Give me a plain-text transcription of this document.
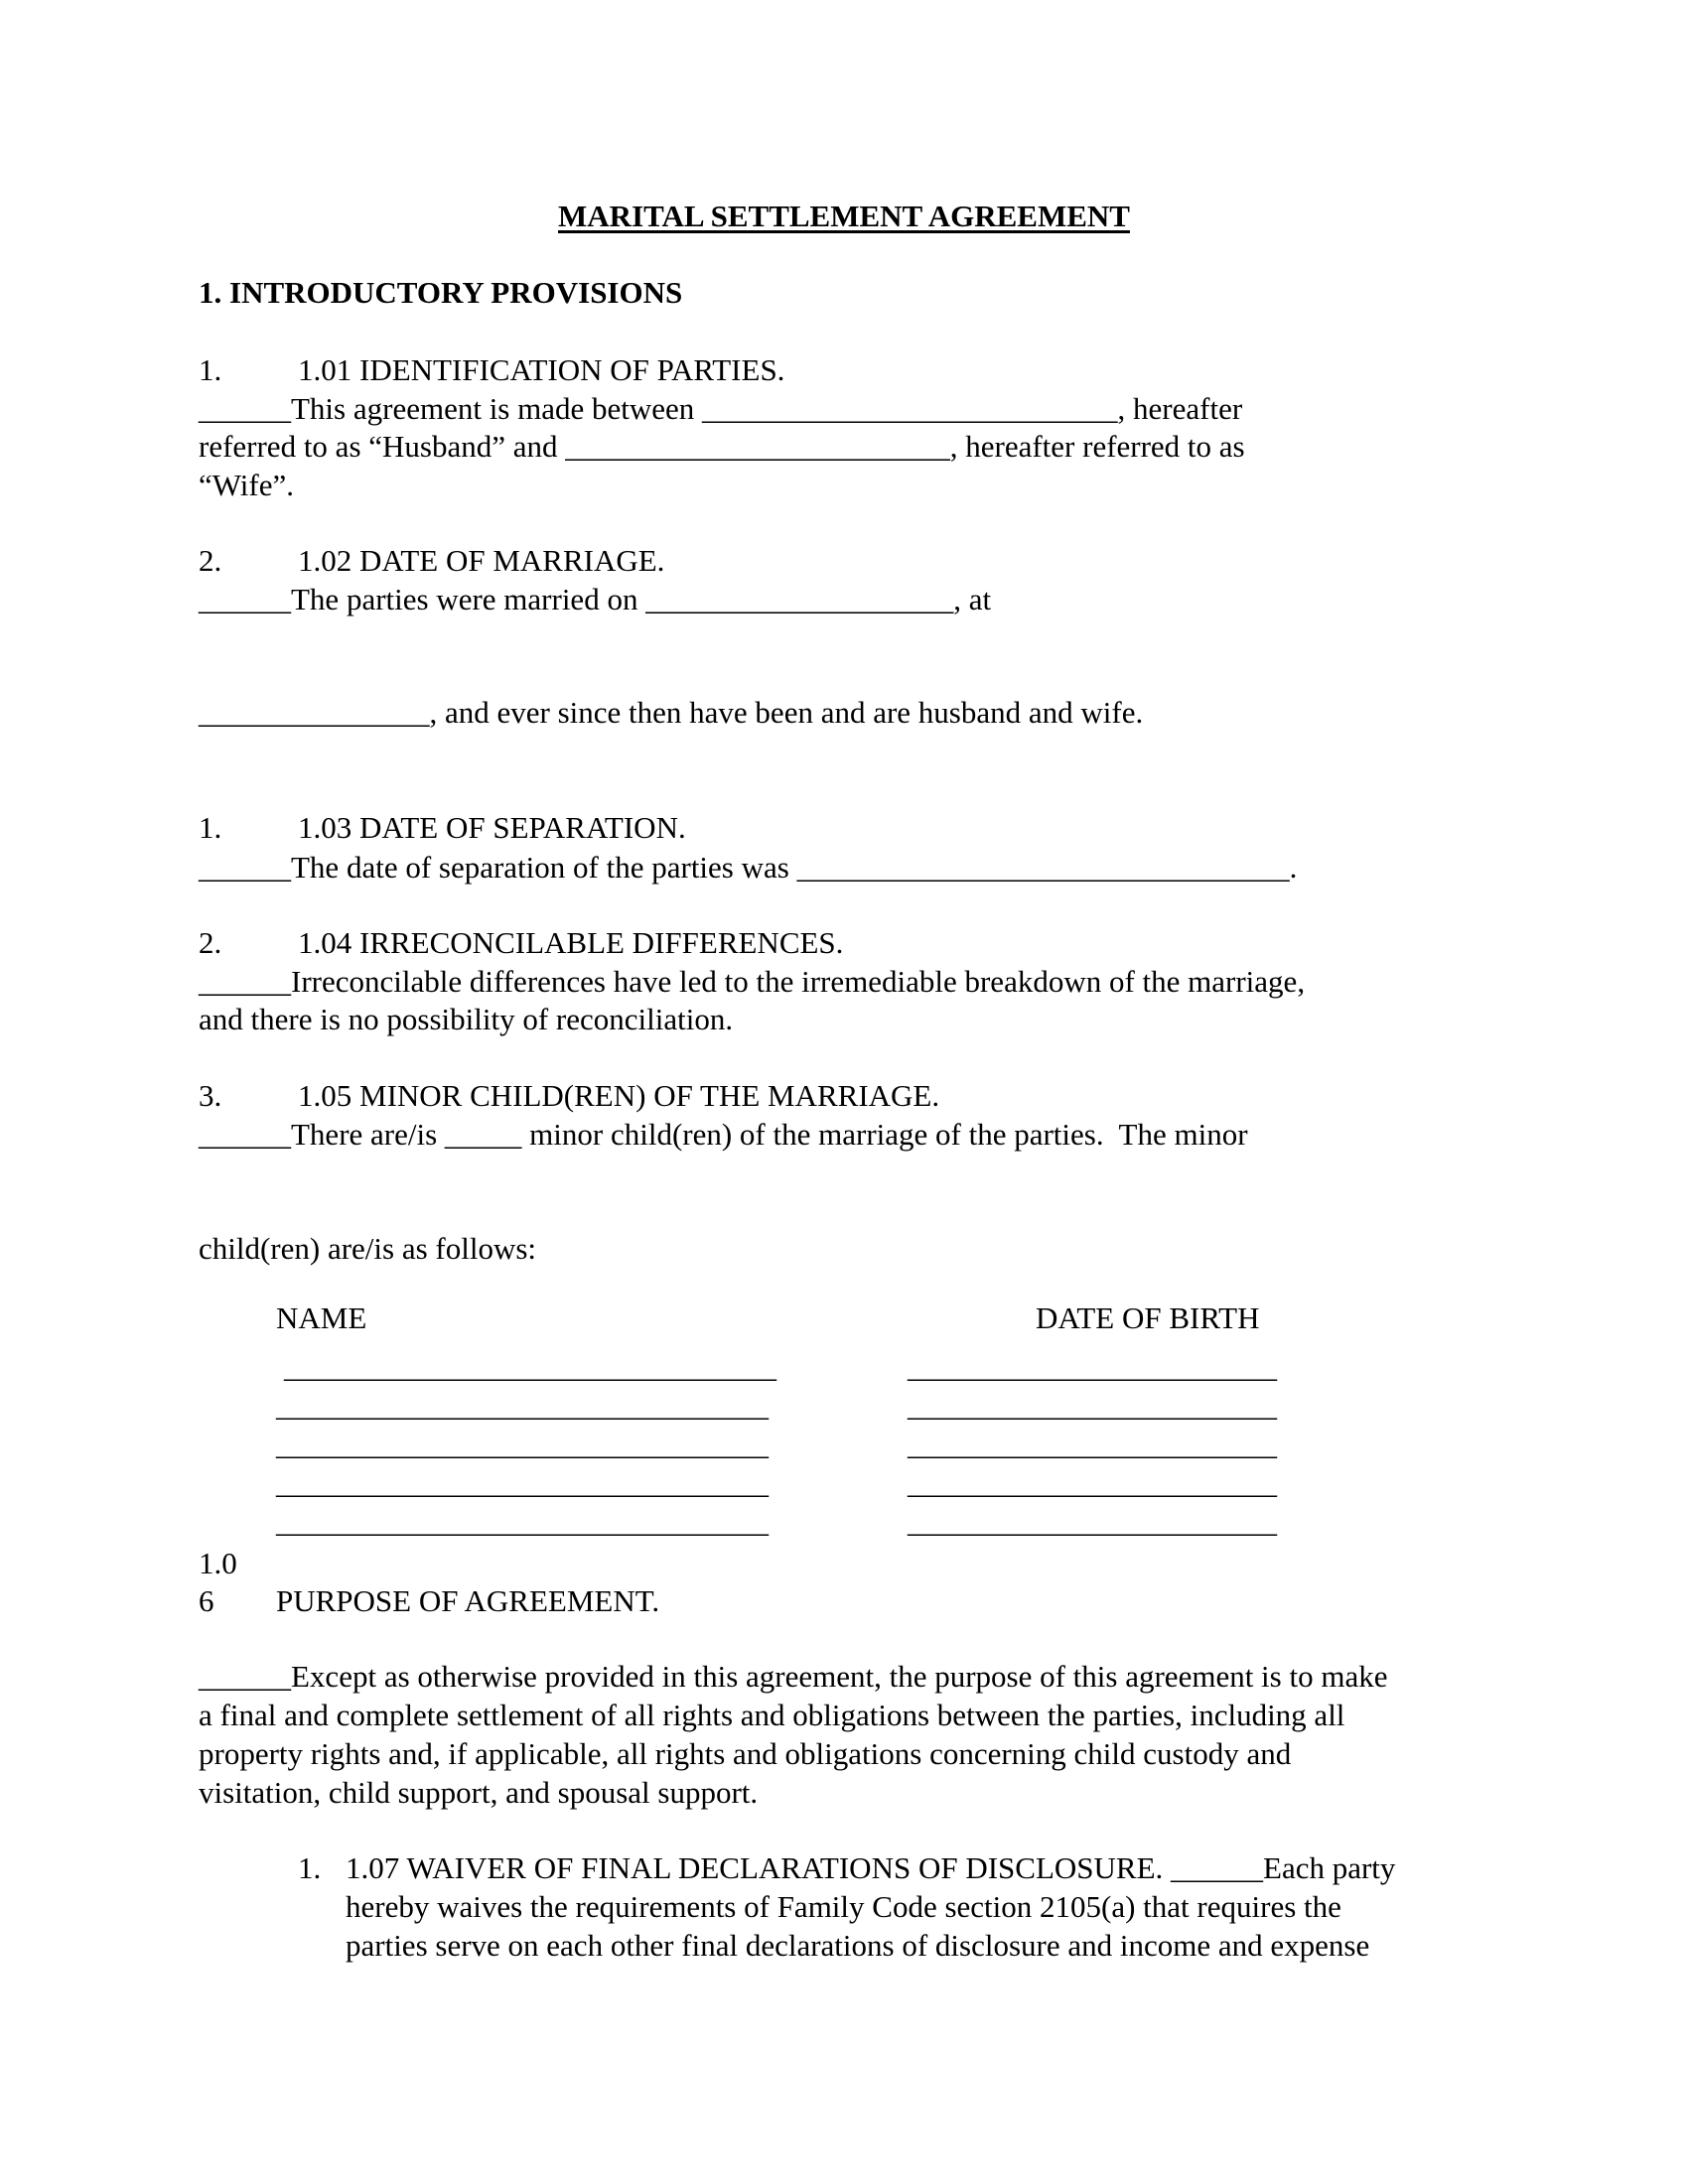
MARITAL SETTLEMENT AGREEMENT
1. INTRODUCTORY PROVISIONS
1. 1.01 IDENTIFICATION OF PARTIES.
______This agreement is made between ___________________________, hereafter
referred to as “Husband” and _________________________, hereafter referred to as
“Wife”.
2. 1.02 DATE OF MARRIAGE.
______The parties were married on ____________________, at
_______________, and ever since then have been and are husband and wife.
1. 1.03 DATE OF SEPARATION.
______The date of separation of the parties was ________________________________.
2. 1.04 IRRECONCILABLE DIFFERENCES.
______Irreconcilable differences have led to the irremediable breakdown of the marriage,
and there is no possibility of reconciliation.
3. 1.05 MINOR CHILD(REN) OF THE MARRIAGE.
______There are/is _____ minor child(ren) of the marriage of the parties.  The minor
child(ren) are/is as follows:
NAME	DATE OF BIRTH
________________________________	________________________
________________________________	________________________
________________________________	________________________
________________________________	________________________
________________________________	________________________
1.0
6 PURPOSE OF AGREEMENT.
______Except as otherwise provided in this agreement, the purpose of this agreement is to make
a final and complete settlement of all rights and obligations between the parties, including all
property rights and, if applicable, all rights and obligations concerning child custody and
visitation, child support, and spousal support.
1. 1.07 WAIVER OF FINAL DECLARATIONS OF DISCLOSURE. ______Each party
hereby waives the requirements of Family Code section 2105(a) that requires the
parties serve on each other final declarations of disclosure and income and expense
